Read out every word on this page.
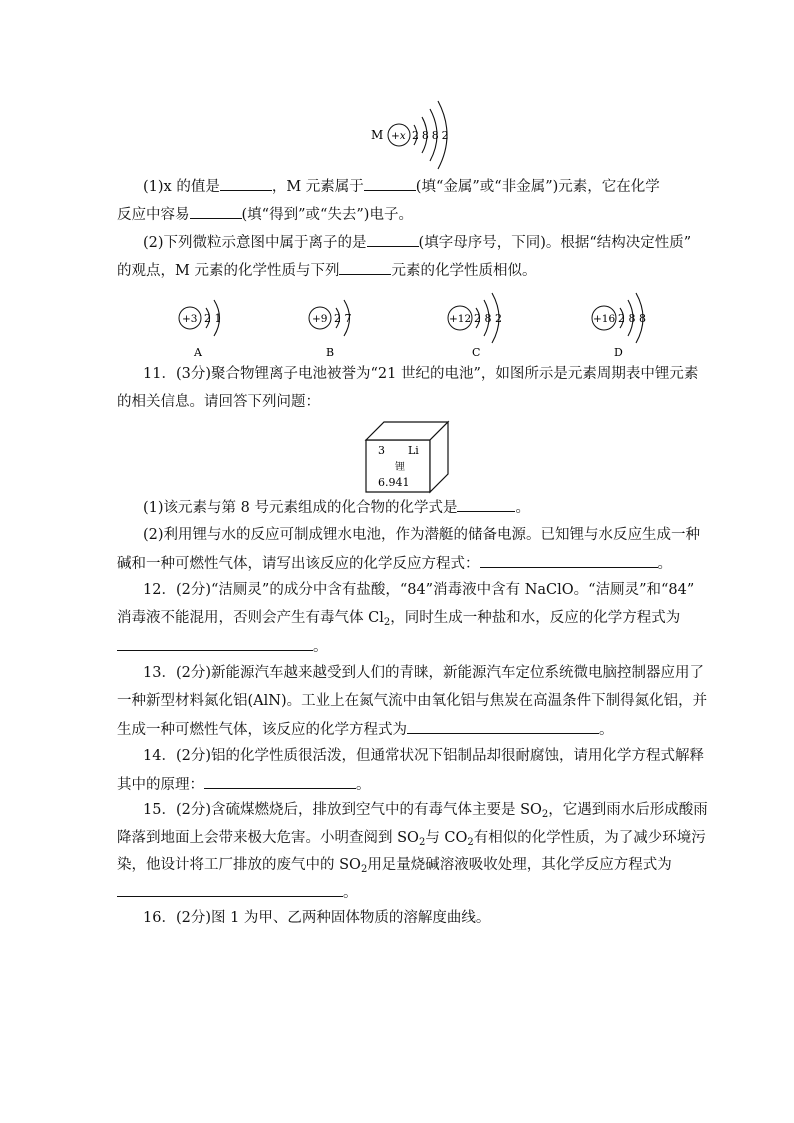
M +x 2 8 8 2
(1)x 的值是	，M 元素属于	(填“金属”或“非金属”)元素，它在化学
反应中容易	(填“得到”或“失去”)电子。
(2)下列微粒示意图中属于离子的是	(填字母序号，下同)。根据“结构决定性质”
的观点，M 元素的化学性质与下列	元素的化学性质相似。
+3 2 1
A
+9 2 7
B
+12 2 8 2
C
+16 2 8 8
D
11．(3分)聚合物锂离子电池被誉为“21 世纪的电池”，如图所示是元素周期表中锂元素
的相关信息。请回答下列问题：
3 Li
锂
6.941
(1)该元素与第 8 号元素组成的化合物的化学式是	。
(2)利用锂与水的反应可制成锂水电池，作为潜艇的储备电源。已知锂与水反应生成一种
碱和一种可燃性气体，请写出该反应的化学反应方程式：	。
12．(2分)“洁厕灵”的成分中含有盐酸，“84”消毒液中含有 NaClO。“洁厕灵”和“84”
消毒液不能混用，否则会产生有毒气体 $Cl_2$，同时生成一种盐和水，反应的化学方程式为
。
13．(2分)新能源汽车越来越受到人们的青睐，新能源汽车定位系统微电脑控制器应用了
一种新型材料氮化铝(AlN)。工业上在氮气流中由氧化铝与焦炭在高温条件下制得氮化铝，并
生成一种可燃性气体，该反应的化学方程式为	。
14．(2分)铝的化学性质很活泼，但通常状况下铝制品却很耐腐蚀，请用化学方程式解释
其中的原理：	。
15．(2分)含硫煤燃烧后，排放到空气中的有毒气体主要是 $SO_2$，它遇到雨水后形成酸雨
降落到地面上会带来极大危害。小明查阅到 $SO_2$与 $CO_2$有相似的化学性质，为了减少环境污
染，他设计将工厂排放的废气中的 $SO_2$用足量烧碱溶液吸收处理，其化学反应方程式为
。
16．(2分)图 1 为甲、乙两种固体物质的溶解度曲线。
